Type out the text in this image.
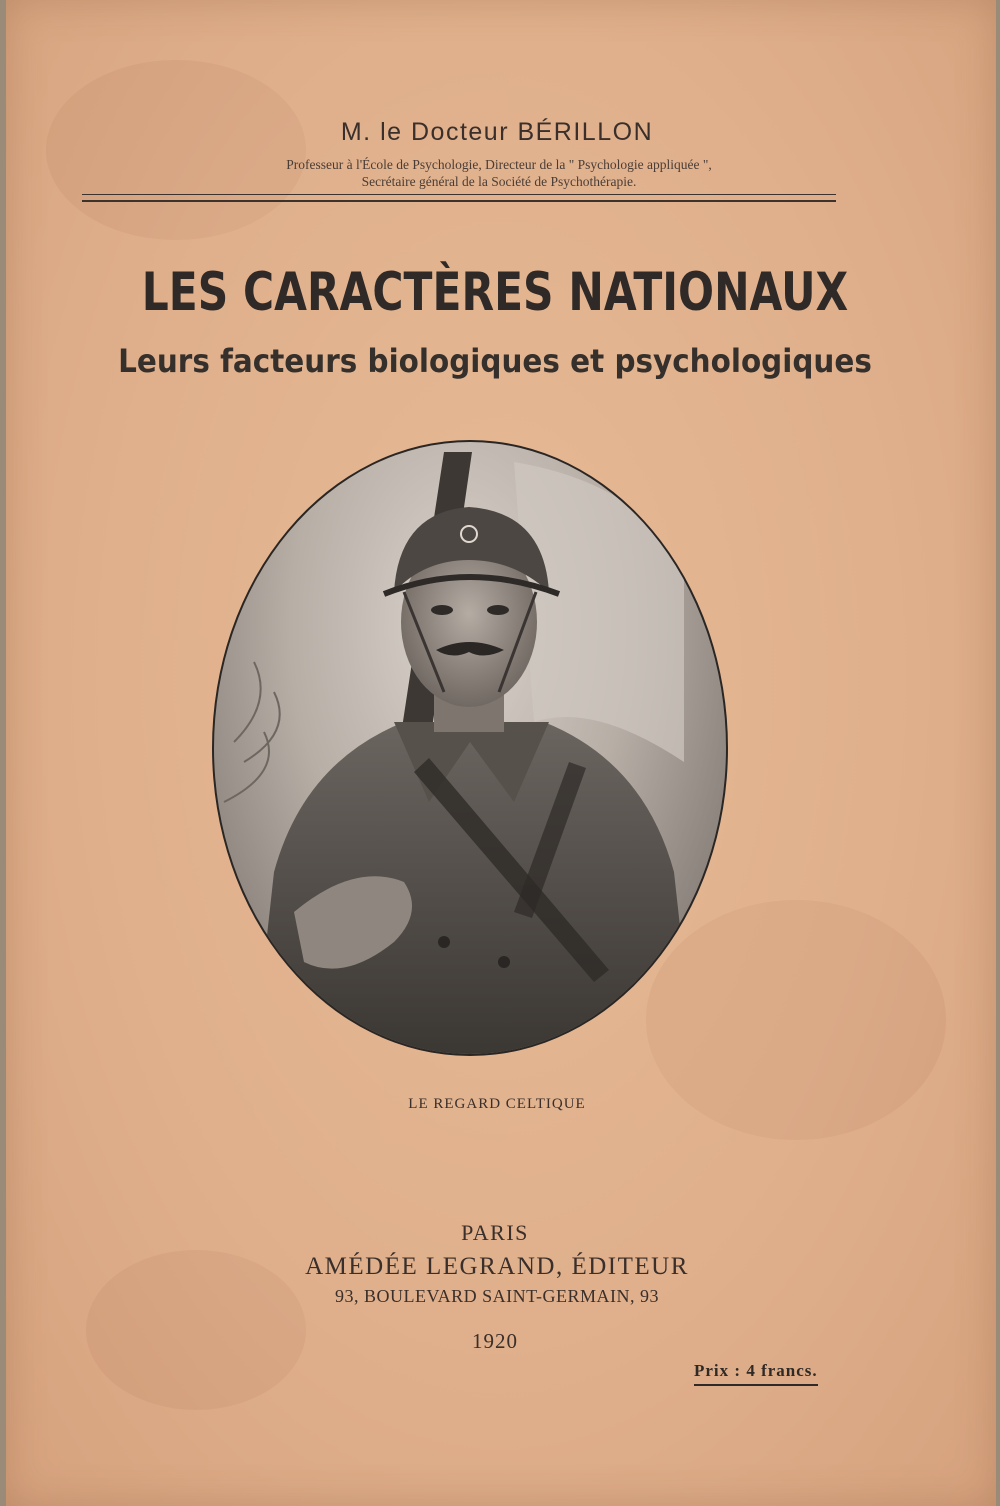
M. le Docteur BÉRILLON
Professeur à l'École de Psychologie, Directeur de la " Psychologie appliquée ",
Secrétaire général de la Société de Psychothérapie.
LES CARACTÈRES NATIONAUX
Leurs facteurs biologiques et psychologiques
LE REGARD CELTIQUE
PARIS
AMÉDÉE LEGRAND, ÉDITEUR
93, BOULEVARD SAINT-GERMAIN, 93
1920
Prix : 4 francs.
